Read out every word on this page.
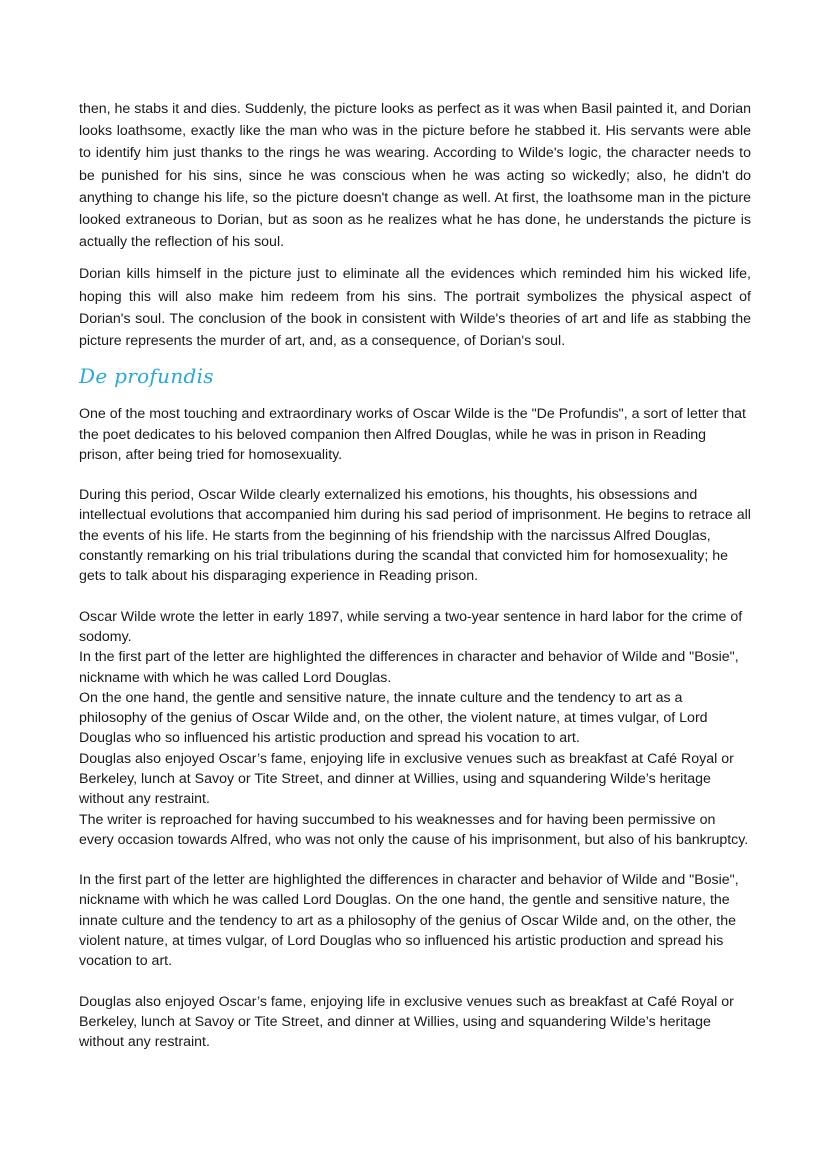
then, he stabs it and dies. Suddenly, the picture looks as perfect as it was when Basil painted it, and Dorian looks loathsome, exactly like the man who was in the picture before he stabbed it. His servants were able to identify him just thanks to the rings he was wearing. According to Wilde's logic, the character needs to be punished for his sins, since he was conscious when he was acting so wickedly; also, he didn't do anything to change his life, so the picture doesn't change as well. At first, the loathsome man in the picture looked extraneous to Dorian, but as soon as he realizes what he has done, he understands the picture is actually the reflection of his soul.

Dorian kills himself in the picture just to eliminate all the evidences which reminded him his wicked life, hoping this will also make him redeem from his sins. The portrait symbolizes the physical aspect of Dorian's soul. The conclusion of the book in consistent with Wilde's theories of art and life as stabbing the picture represents the murder of art, and, as a consequence, of Dorian's soul.

De profundis

One of the most touching and extraordinary works of Oscar Wilde is the "De Profundis", a sort of letter that the poet dedicates to his beloved companion then Alfred Douglas, while he was in prison in Reading prison, after being tried for homosexuality.

During this period, Oscar Wilde clearly externalized his emotions, his thoughts, his obsessions and intellectual evolutions that accompanied him during his sad period of imprisonment. He begins to retrace all the events of his life. He starts from the beginning of his friendship with the narcissus Alfred Douglas, constantly remarking on his trial tribulations during the scandal that convicted him for homosexuality; he gets to talk about his disparaging experience in Reading prison.

Oscar Wilde wrote the letter in early 1897, while serving a two-year sentence in hard labor for the crime of sodomy.

In the first part of the letter are highlighted the differences in character and behavior of Wilde and "Bosie", nickname with which he was called Lord Douglas.

On the one hand, the gentle and sensitive nature, the innate culture and the tendency to art as a philosophy of the genius of Oscar Wilde and, on the other, the violent nature, at times vulgar, of Lord Douglas who so influenced his artistic production and spread his vocation to art.

Douglas also enjoyed Oscar’s fame, enjoying life in exclusive venues such as breakfast at Café Royal or Berkeley, lunch at Savoy or Tite Street, and dinner at Willies, using and squandering Wilde’s heritage without any restraint.

The writer is reproached for having succumbed to his weaknesses and for having been permissive on every occasion towards Alfred, who was not only the cause of his imprisonment, but also of his bankruptcy.

In the first part of the letter are highlighted the differences in character and behavior of Wilde and "Bosie", nickname with which he was called Lord Douglas. On the one hand, the gentle and sensitive nature, the innate culture and the tendency to art as a philosophy of the genius of Oscar Wilde and, on the other, the violent nature, at times vulgar, of Lord Douglas who so influenced his artistic production and spread his vocation to art.

Douglas also enjoyed Oscar’s fame, enjoying life in exclusive venues such as breakfast at Café Royal or Berkeley, lunch at Savoy or Tite Street, and dinner at Willies, using and squandering Wilde’s heritage without any restraint.
